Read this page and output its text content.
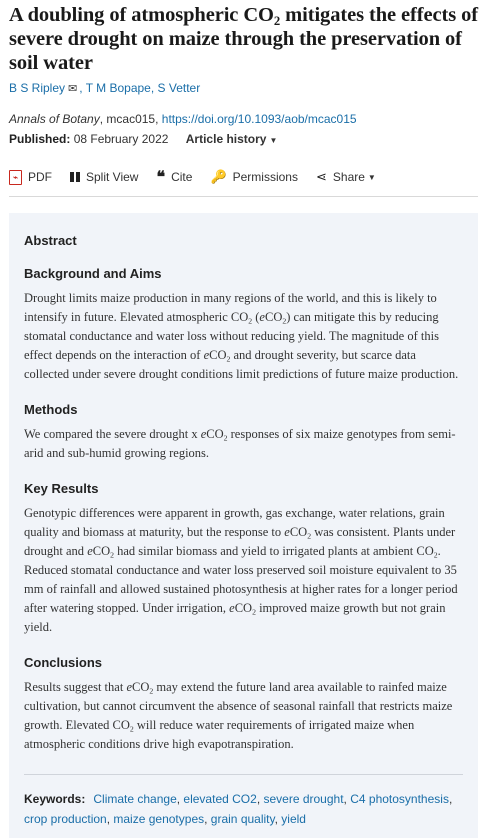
A doubling of atmospheric $CO_2$ mitigates the effects of severe drought on maize through the preservation of soil water
B S Ripley ✉ , T M Bopape, S Vetter
Annals of Botany, mcac015, https://doi.org/10.1093/aob/mcac015
Published: 08 February 2022 Article history ▼
⌁ PDF	Split View ❝ Cite 🔑 Permissions ⋖ Share ▼
Abstract
Background and Aims

Drought limits maize production in many regions of the world, and this is likely to intensify in future. Elevated atmospheric $CO_2$ (eCO$_2$) can mitigate this by reducing stomatal conductance and water loss without reducing yield. The magnitude of this effect depends on the interaction of eCO$_2$ and drought severity, but scarce data collected under severe drought conditions limit predictions of future maize production.

Methods

We compared the severe drought x eCO$_2$ responses of six maize genotypes from semi-arid and sub-humid growing regions.

Key Results

Genotypic differences were apparent in growth, gas exchange, water relations, grain quality and biomass at maturity, but the response to eCO$_2$ was consistent. Plants under drought and eCO$_2$ had similar biomass and yield to irrigated plants at ambient $CO_2$. Reduced stomatal conductance and water loss preserved soil moisture equivalent to 35 mm of rainfall and allowed sustained photosynthesis at higher rates for a longer period after watering stopped. Under irrigation, eCO$_2$ improved maize growth but not grain yield.

Conclusions

Results suggest that eCO$_2$ may extend the future land area available to rainfed maize cultivation, but cannot circumvent the absence of seasonal rainfall that restricts maize growth. Elevated $CO_2$ will reduce water requirements of irrigated maize when atmospheric conditions drive high evapotranspiration.

Keywords: Climate change, elevated CO2, severe drought, C4 photosynthesis, crop production, maize genotypes, grain quality, yield
